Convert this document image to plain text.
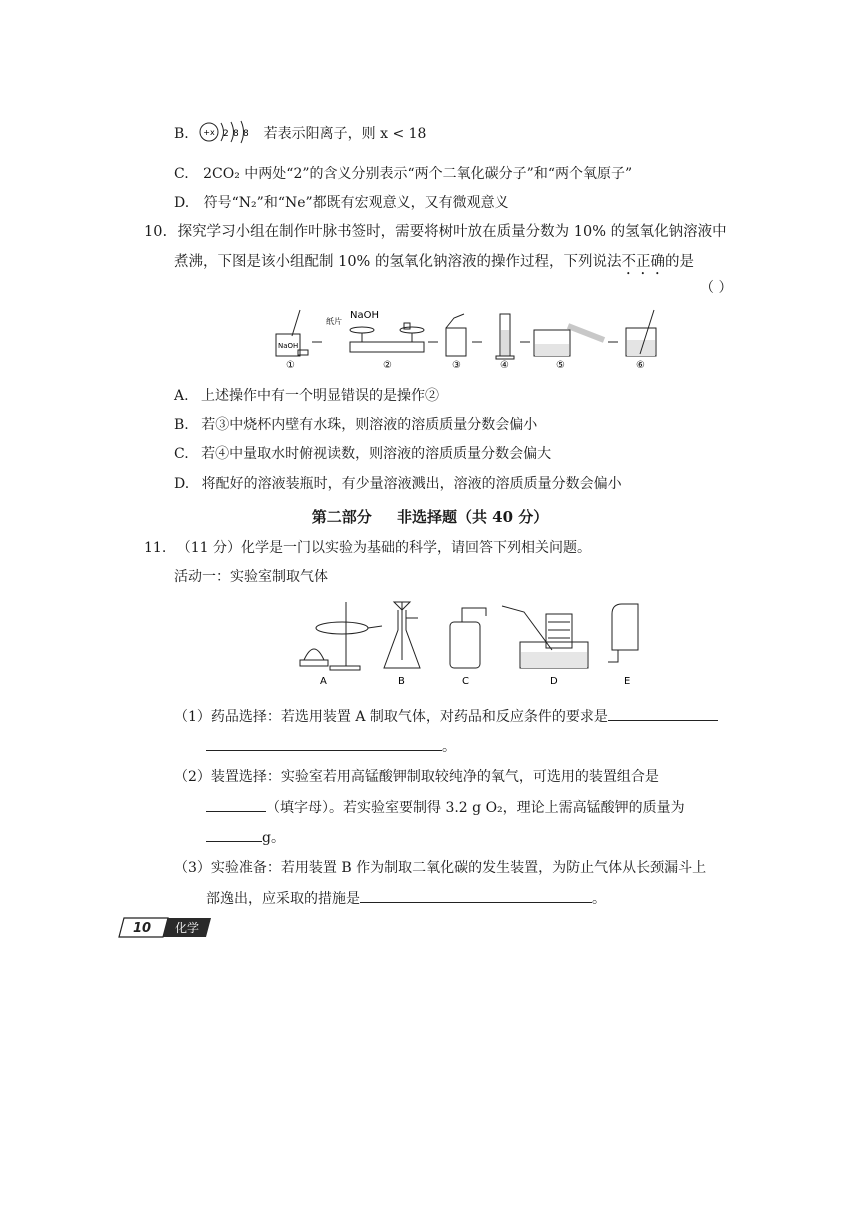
B. +x 2 8 8 若表示阳离子，则 x < 18
C. 2CO₂ 中两处“2”的含义分别表示“两个二氧化碳分子”和“两个氧原子”
D. 符号“N₂”和“Ne”都既有宏观意义，又有微观意义
10. 探究学习小组在制作叶脉书签时，需要将树叶放在质量分数为 10% 的氢氧化钠溶液中
煮沸，下图是该小组配制 10% 的氢氧化钠溶液的操作过程，下列说法不正确的是
（ ）
NaOH
①
纸片
NaOH
②	③	④	⑤	⑥
A. 上述操作中有一个明显错误的是操作②
B. 若③中烧杯内壁有水珠，则溶液的溶质质量分数会偏小
C. 若④中量取水时俯视读数，则溶液的溶质质量分数会偏大
D. 将配好的溶液装瓶时，有少量溶液溅出，溶液的溶质质量分数会偏小
第二部分 非选择题（共 40 分）
11. （11 分）化学是一门以实验为基础的科学，请回答下列相关问题。
活动一：实验室制取气体
A	B	C	D	E
（1）药品选择：若选用装置 A 制取气体，对药品和反应条件的要求是
。
（2）装置选择：实验室若用高锰酸钾制取较纯净的氧气，可选用的装置组合是
（填字母）。若实验室要制得 3.2 g O₂，理论上需高锰酸钾的质量为
g。
（3）实验准备：若用装置 B 作为制取二氧化碳的发生装置，为防止气体从长颈漏斗上
部逸出，应采取的措施是	。
10 化学
